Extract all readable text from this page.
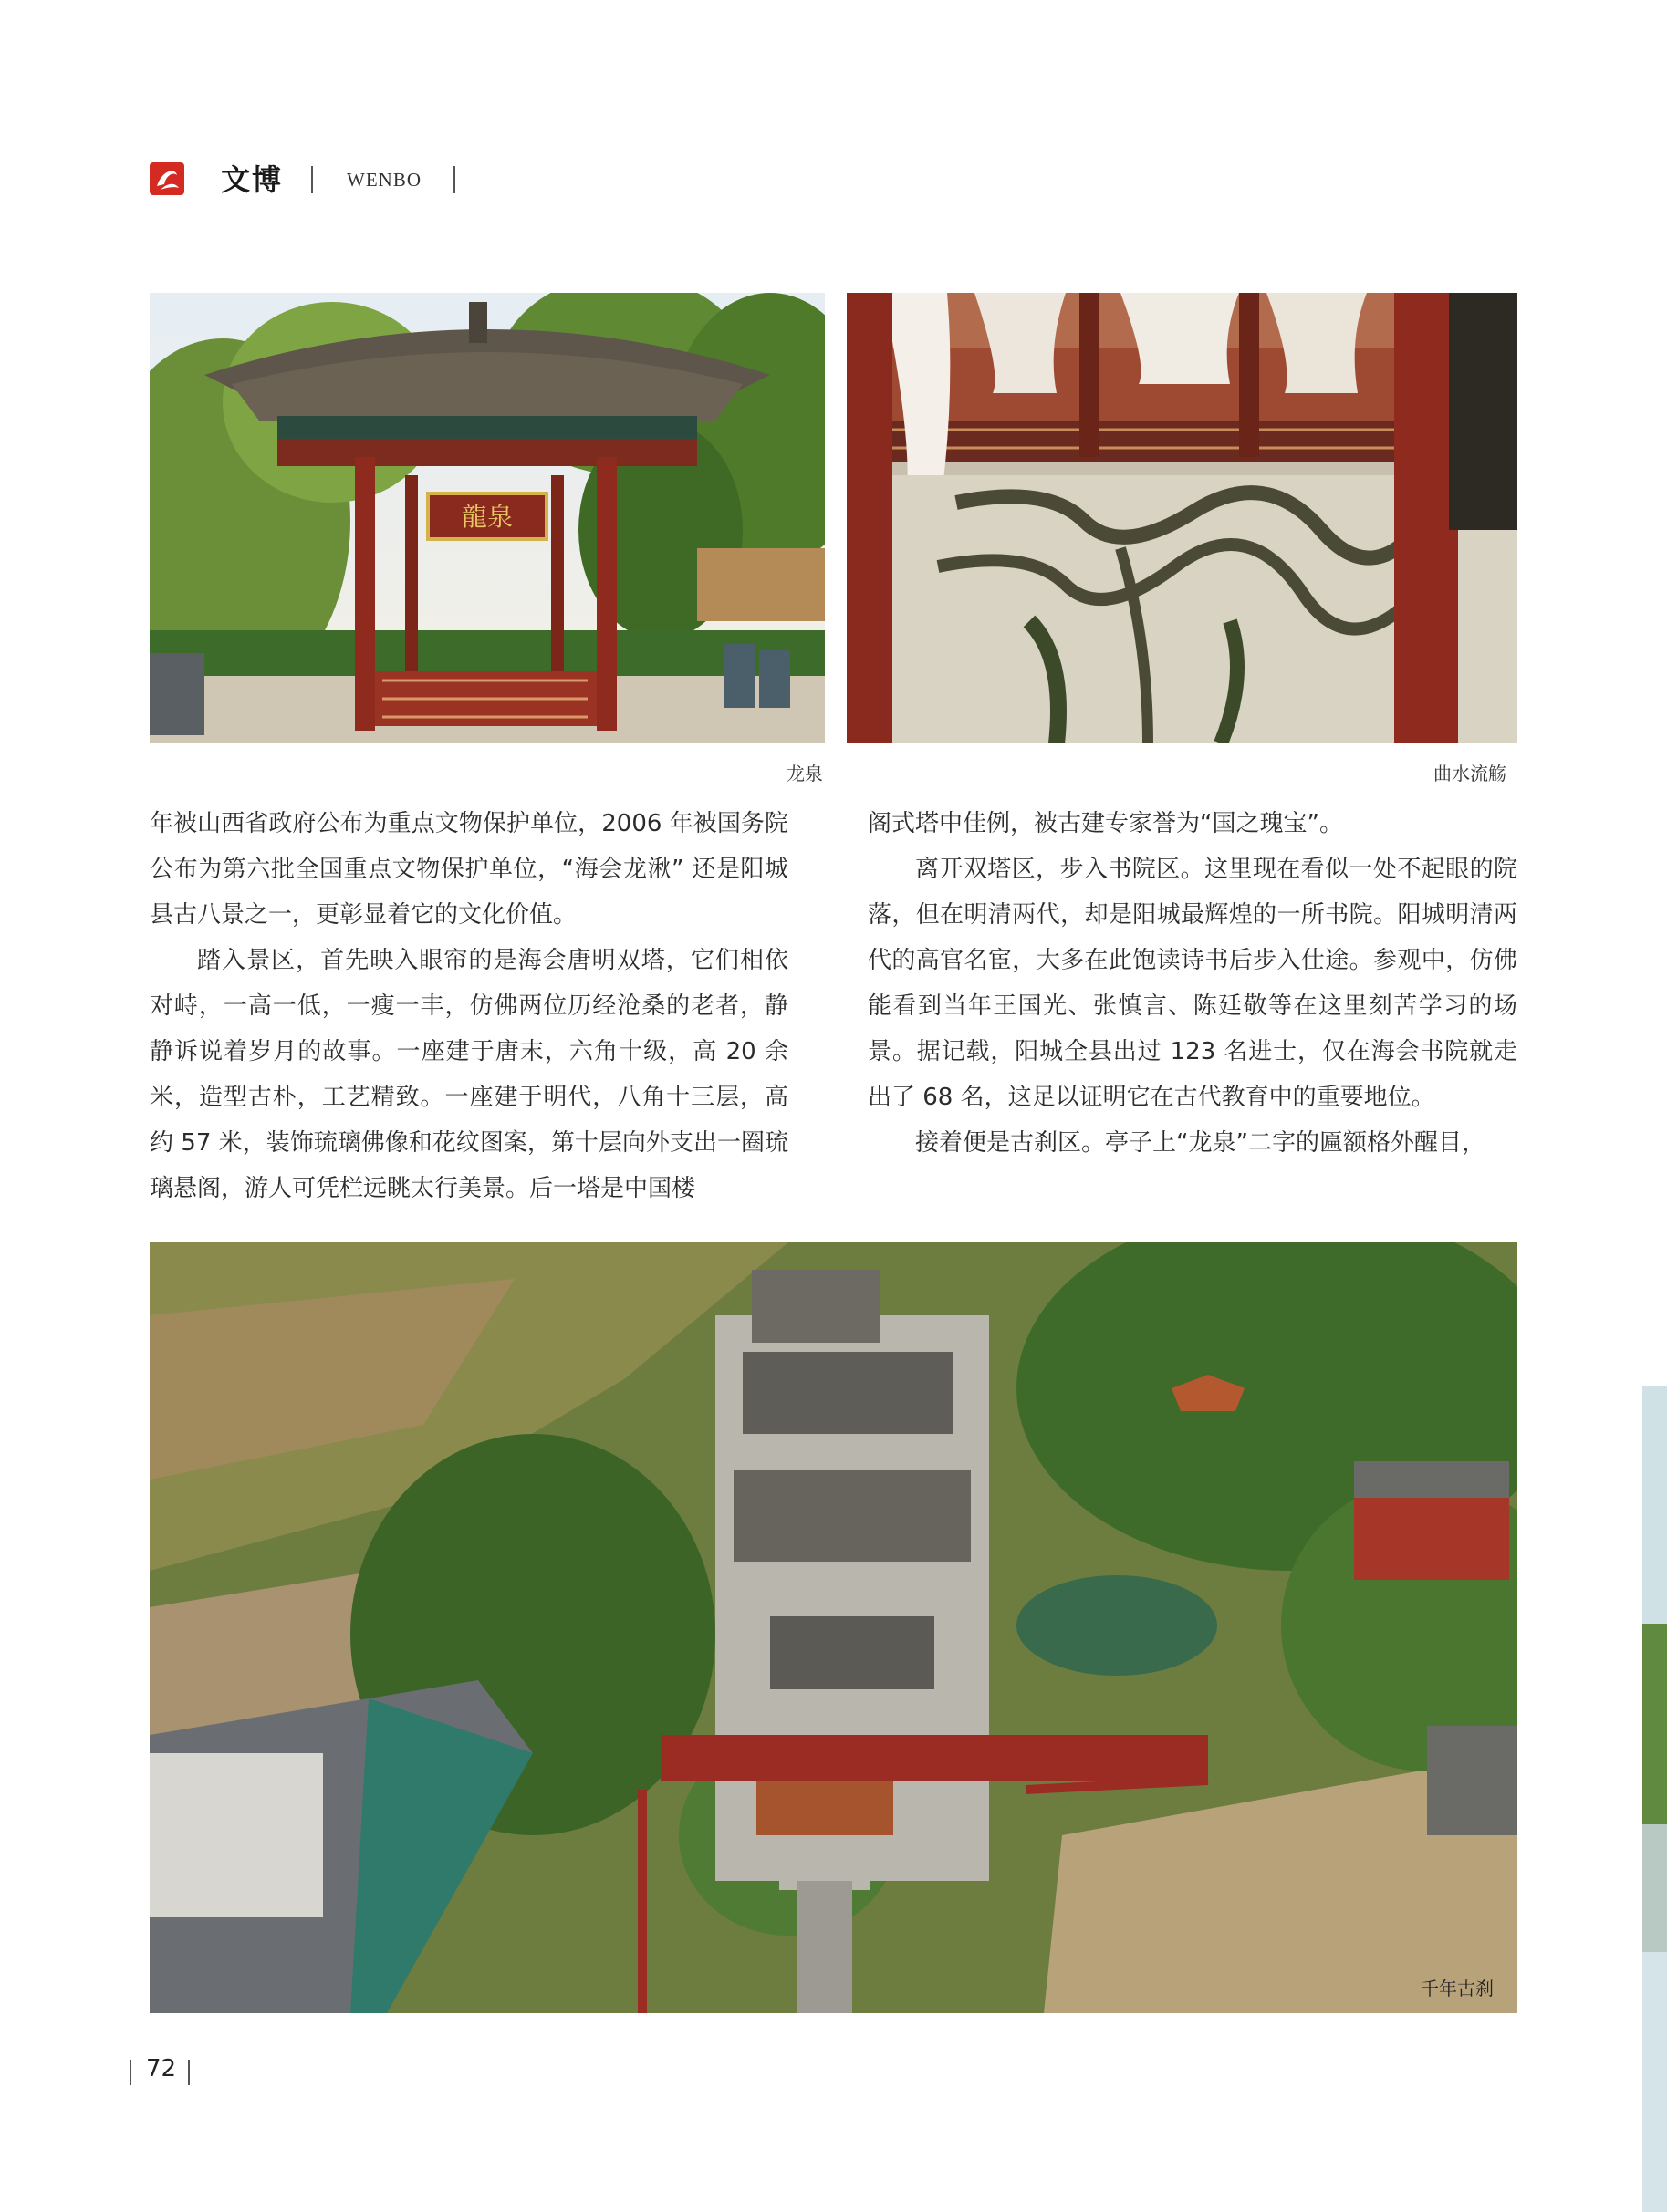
文博	WENBO
龍泉
龙泉	曲水流觞

年被山西省政府公布为重点文物保护单位，2006 年被国务院公布为第六批全国重点文物保护单位，“海会龙湫” 还是阳城县古八景之一，更彰显着它的文化价值。

踏入景区，首先映入眼帘的是海会唐明双塔，它们相依对峙，一高一低，一瘦一丰，仿佛两位历经沧桑的老者，静静诉说着岁月的故事。一座建于唐末，六角十级，高 20 余米，造型古朴，工艺精致。一座建于明代，八角十三层，高约 57 米，装饰琉璃佛像和花纹图案，第十层向外支出一圈琉璃悬阁，游人可凭栏远眺太行美景。后一塔是中国楼

阁式塔中佳例，被古建专家誉为“国之瑰宝”。

离开双塔区，步入书院区。这里现在看似一处不起眼的院落，但在明清两代，却是阳城最辉煌的一所书院。阳城明清两代的高官名宦，大多在此饱读诗书后步入仕途。参观中，仿佛能看到当年王国光、张慎言、陈廷敬等在这里刻苦学习的场景。据记载，阳城全县出过 123 名进士，仅在海会书院就走出了 68 名，这足以证明它在古代教育中的重要地位。

接着便是古刹区。亭子上“龙泉”二字的匾额格外醒目，

千年古刹
72
